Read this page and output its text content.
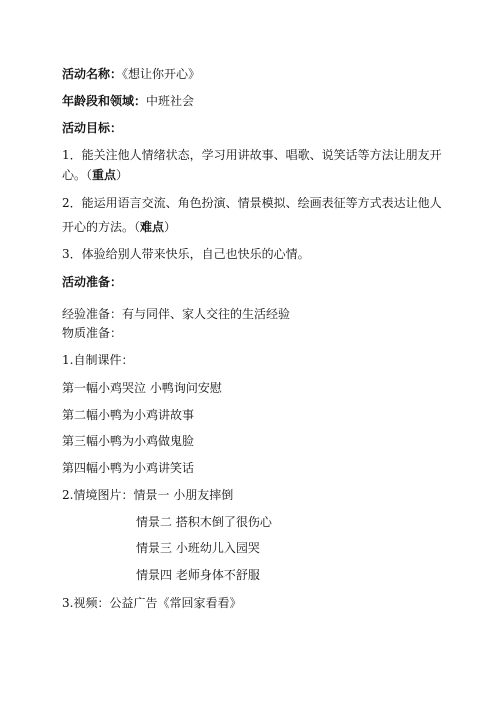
活动名称：《想让你开心》
年龄段和领域：中班社会
活动目标：
1．能关注他人情绪状态，学习用讲故事、唱歌、说笑话等方法让朋友开
心。（重点）
2．能运用语言交流、角色扮演、情景模拟、绘画表征等方式表达让他人
开心的方法。（难点）
3．体验给别人带来快乐，自己也快乐的心情。
活动准备：
经验准备：有与同伴、家人交往的生活经验
物质准备：
1.自制课件：
第一幅小鸡哭泣 小鸭询问安慰
第二幅小鸭为小鸡讲故事
第三幅小鸭为小鸡做鬼脸
第四幅小鸭为小鸡讲笑话
2.情境图片：情景一 小朋友摔倒
情景二 搭积木倒了很伤心
情景三 小班幼儿入园哭
情景四 老师身体不舒服
3.视频：公益广告《常回家看看》
